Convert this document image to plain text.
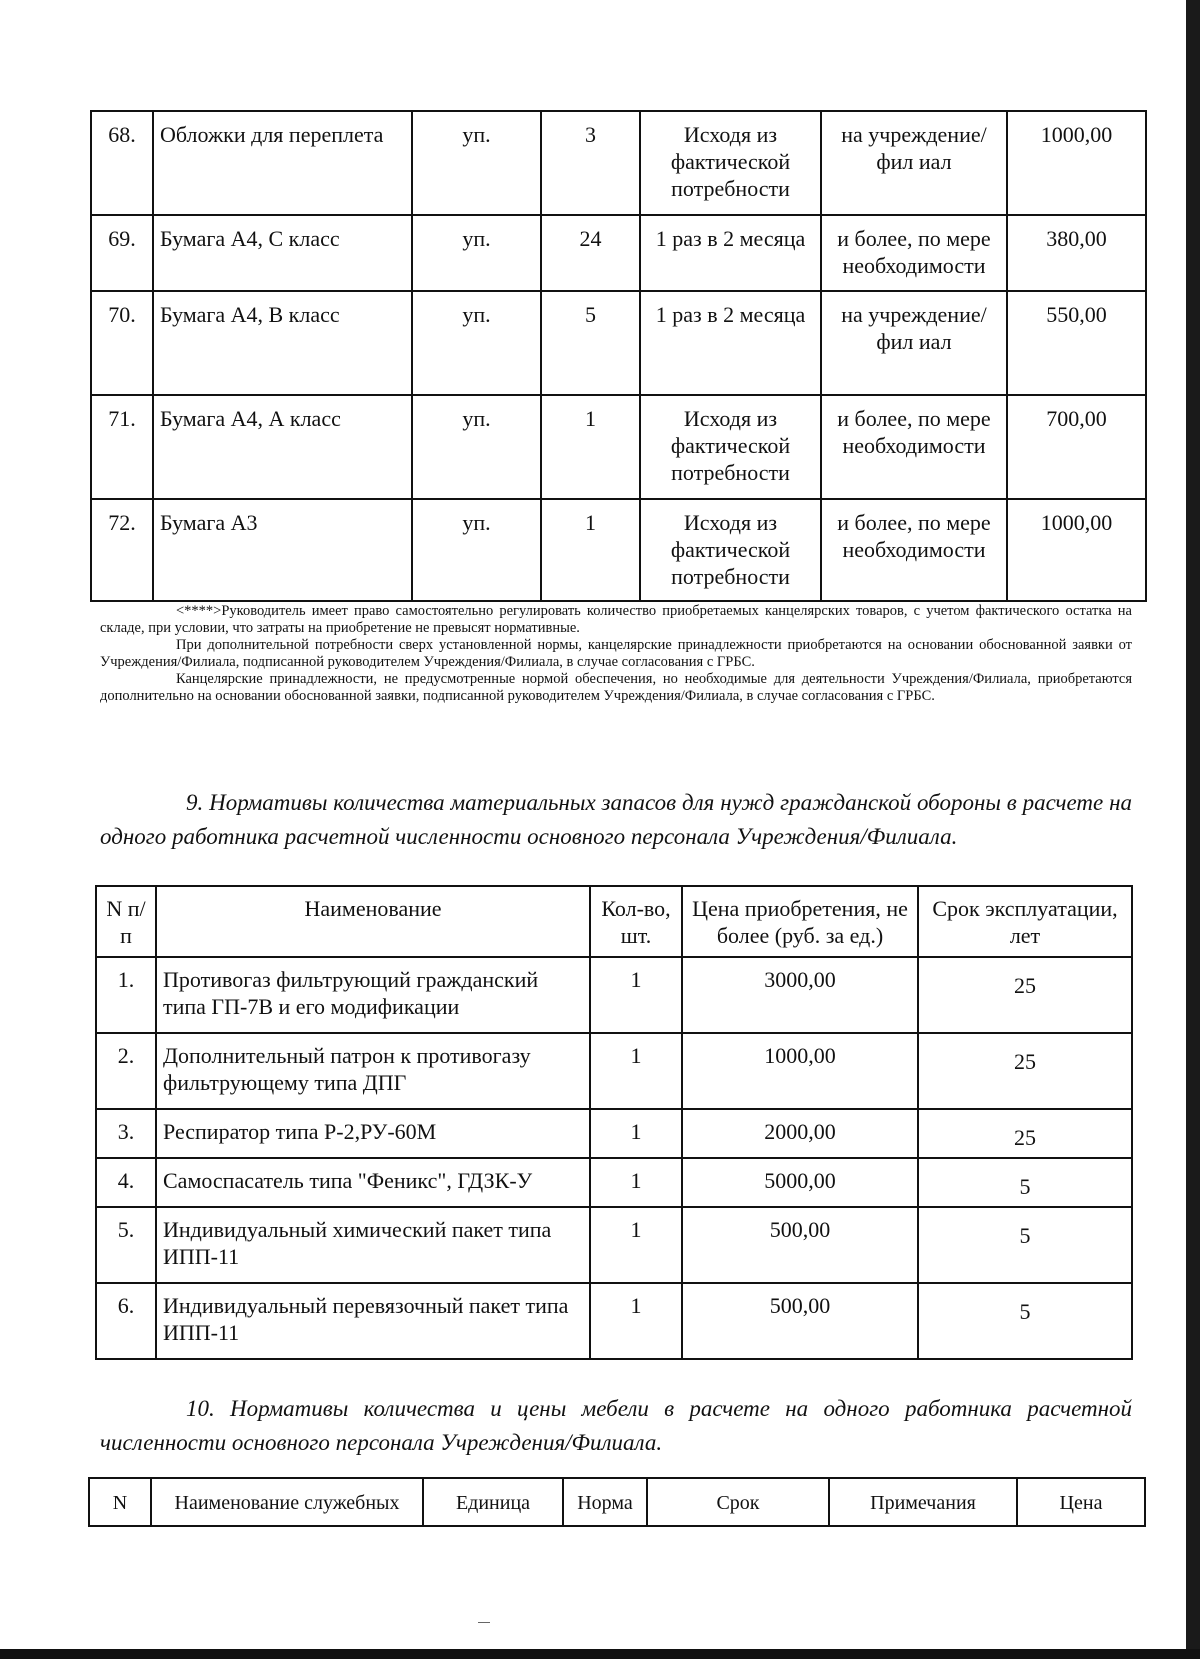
68.	Обложки для переплета	уп.	3	Исходя из фактической потребности	на учреждение/фил иал	1000,00
69.	Бумага А4, С класс	уп.	24	1 раз в 2 месяца	и более, по мере необходимости	380,00
70.	Бумага А4, В класс	уп.	5	1 раз в 2 месяца	на учреждение/фил иал	550,00
71.	Бумага А4, А класс	уп.	1	Исходя из фактической потребности	и более, по мере необходимости	700,00
72.	Бумага А3	уп.	1	Исходя из фактической потребности	и более, по мере необходимости	1000,00
<****>Руководитель имеет право самостоятельно регулировать количество приобретаемых канцелярских товаров, с учетом фактического остатка на складе, при условии, что затраты на приобретение не превысят нормативные.
При дополнительной потребности сверх установленной нормы, канцелярские принадлежности приобретаются на основании обоснованной заявки от Учреждения/Филиала, подписанной руководителем Учреждения/Филиала, в случае согласования с ГРБС.
Канцелярские принадлежности, не предусмотренные нормой обеспечения, но необходимые для деятельности Учреждения/Филиала, приобретаются дополнительно на основании обоснованной заявки, подписанной руководителем Учреждения/Филиала, в случае согласования с ГРБС.
9. Нормативы количества материальных запасов для нужд гражданской обороны в расчете на одного работника расчетной численности основного персонала Учреждения/Филиала.
N п/п	Наименование	Кол-во, шт.	Цена приобретения, не более (руб. за ед.)	Срок эксплуатации, лет
1.	Противогаз фильтрующий гражданский типа ГП-7В и его модификации	1	3000,00	25
2.	Дополнительный патрон к противогазу фильтрующему типа ДПГ	1	1000,00	25
3.	Респиратор типа Р-2,РУ-60М	1	2000,00	25
4.	Самоспасатель типа "Феникс", ГДЗК-У	1	5000,00	5
5.	Индивидуальный химический пакет типа ИПП-11	1	500,00	5
6.	Индивидуальный перевязочный пакет типа ИПП-11	1	500,00	5
10. Нормативы количества и цены мебели в расчете на одного работника расчетной численности основного персонала Учреждения/Филиала.
N	Наименование служебных	Единица	Норма	Срок	Примечания	Цена
